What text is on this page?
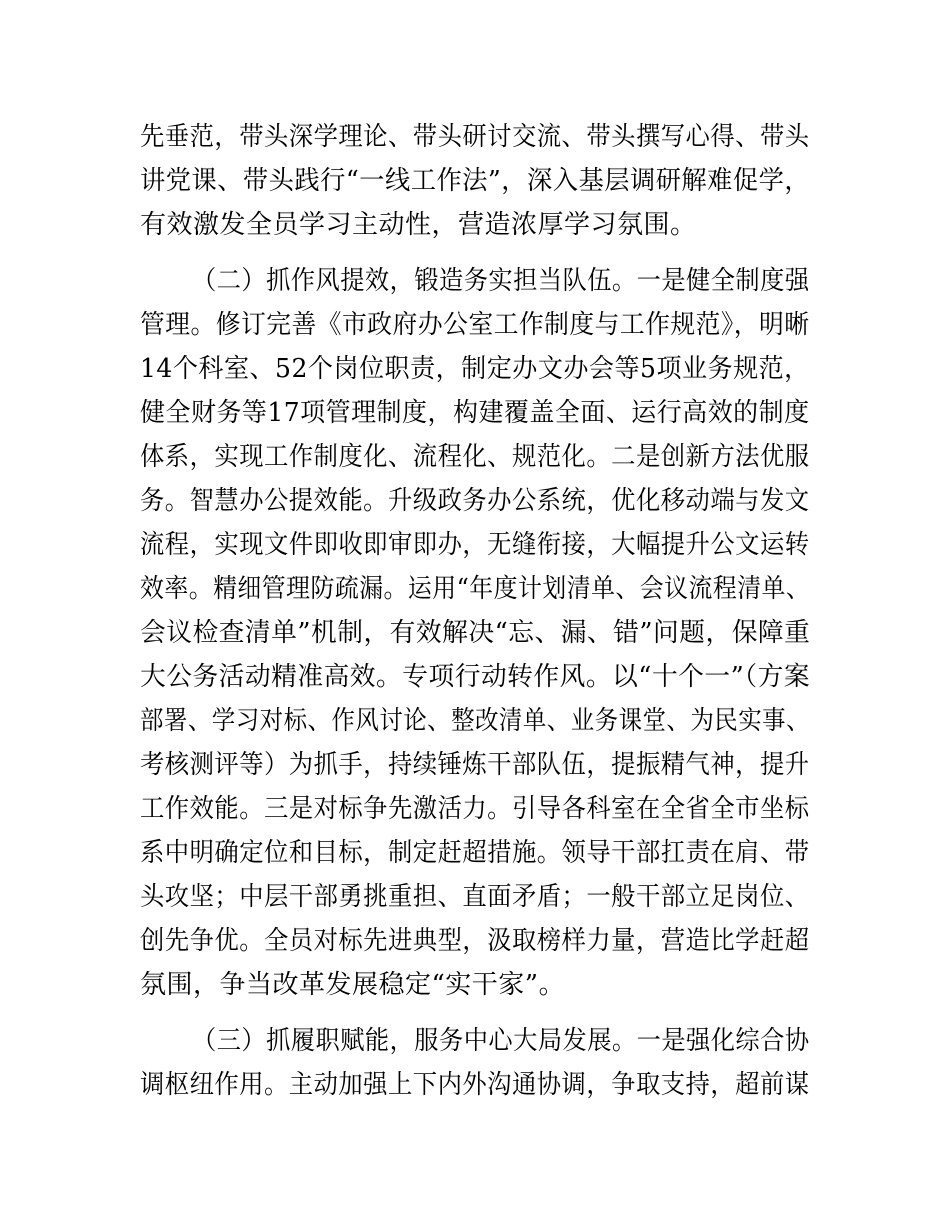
先垂范，带头深学理论、带头研讨交流、带头撰写心得、带头
讲党课、带头践行“一线工作法”，深入基层调研解难促学，
有效激发全员学习主动性，营造浓厚学习氛围。
（二）抓作风提效，锻造务实担当队伍。一是健全制度强
管理。修订完善《市政府办公室工作制度与工作规范》，明晰
14个科室、52个岗位职责，制定办文办会等5项业务规范，
健全财务等17项管理制度，构建覆盖全面、运行高效的制度
体系，实现工作制度化、流程化、规范化。二是创新方法优服
务。智慧办公提效能。升级政务办公系统，优化移动端与发文
流程，实现文件即收即审即办，无缝衔接，大幅提升公文运转
效率。精细管理防疏漏。运用“年度计划清单、会议流程清单、
会议检查清单”机制，有效解决“忘、漏、错”问题，保障重
大公务活动精准高效。专项行动转作风。以“十个一”（方案
部署、学习对标、作风讨论、整改清单、业务课堂、为民实事、
考核测评等）为抓手，持续锤炼干部队伍，提振精气神，提升
工作效能。三是对标争先激活力。引导各科室在全省全市坐标
系中明确定位和目标，制定赶超措施。领导干部扛责在肩、带
头攻坚；中层干部勇挑重担、直面矛盾；一般干部立足岗位、
创先争优。全员对标先进典型，汲取榜样力量，营造比学赶超
氛围，争当改革发展稳定“实干家”。
（三）抓履职赋能，服务中心大局发展。一是强化综合协
调枢纽作用。主动加强上下内外沟通协调，争取支持，超前谋
